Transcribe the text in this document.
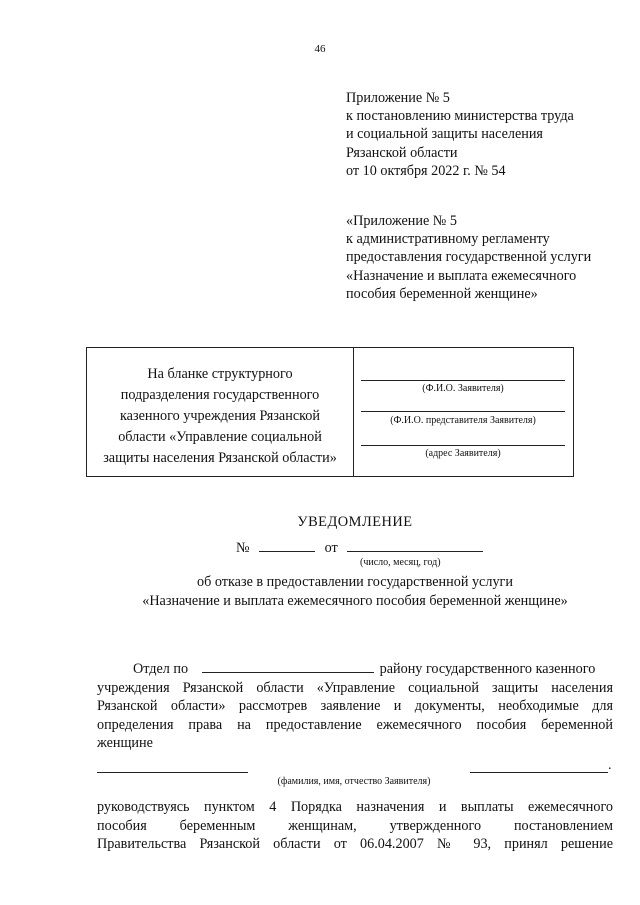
46
Приложение № 5
к постановлению министерства труда
и социальной защиты населения
Рязанской области
от 10 октября 2022 г. № 54
«Приложение № 5
к административному регламенту
предоставления государственной услуги
«Назначение и выплата ежемесячного
пособия беременной женщине»
На бланке структурного
подразделения государственного
казенного учреждения Рязанской
области «Управление социальной
защиты населения Рязанской области»
(Ф.И.О. Заявителя)
(Ф.И.О. представителя Заявителя)
(адрес Заявителя)
УВЕДОМЛЕНИЕ
№	от
(число, месяц, год)
об отказе в предоставлении государственной услуги
«Назначение и выплата ежемесячного пособия беременной женщине»
Отдел по	району государственного казенного
учреждения Рязанской области «Управление социальной защиты населения
Рязанской области» рассмотрев заявление и документы, необходимые для
определения права на предоставление ежемесячного пособия беременной
женщине
.
(фамилия, имя, отчество Заявителя)
руководствуясь пунктом 4 Порядка назначения и выплаты ежемесячного
пособия беременным женщинам, утвержденного постановлением
Правительства Рязанской области от 06.04.2007 № 93, принял решение
